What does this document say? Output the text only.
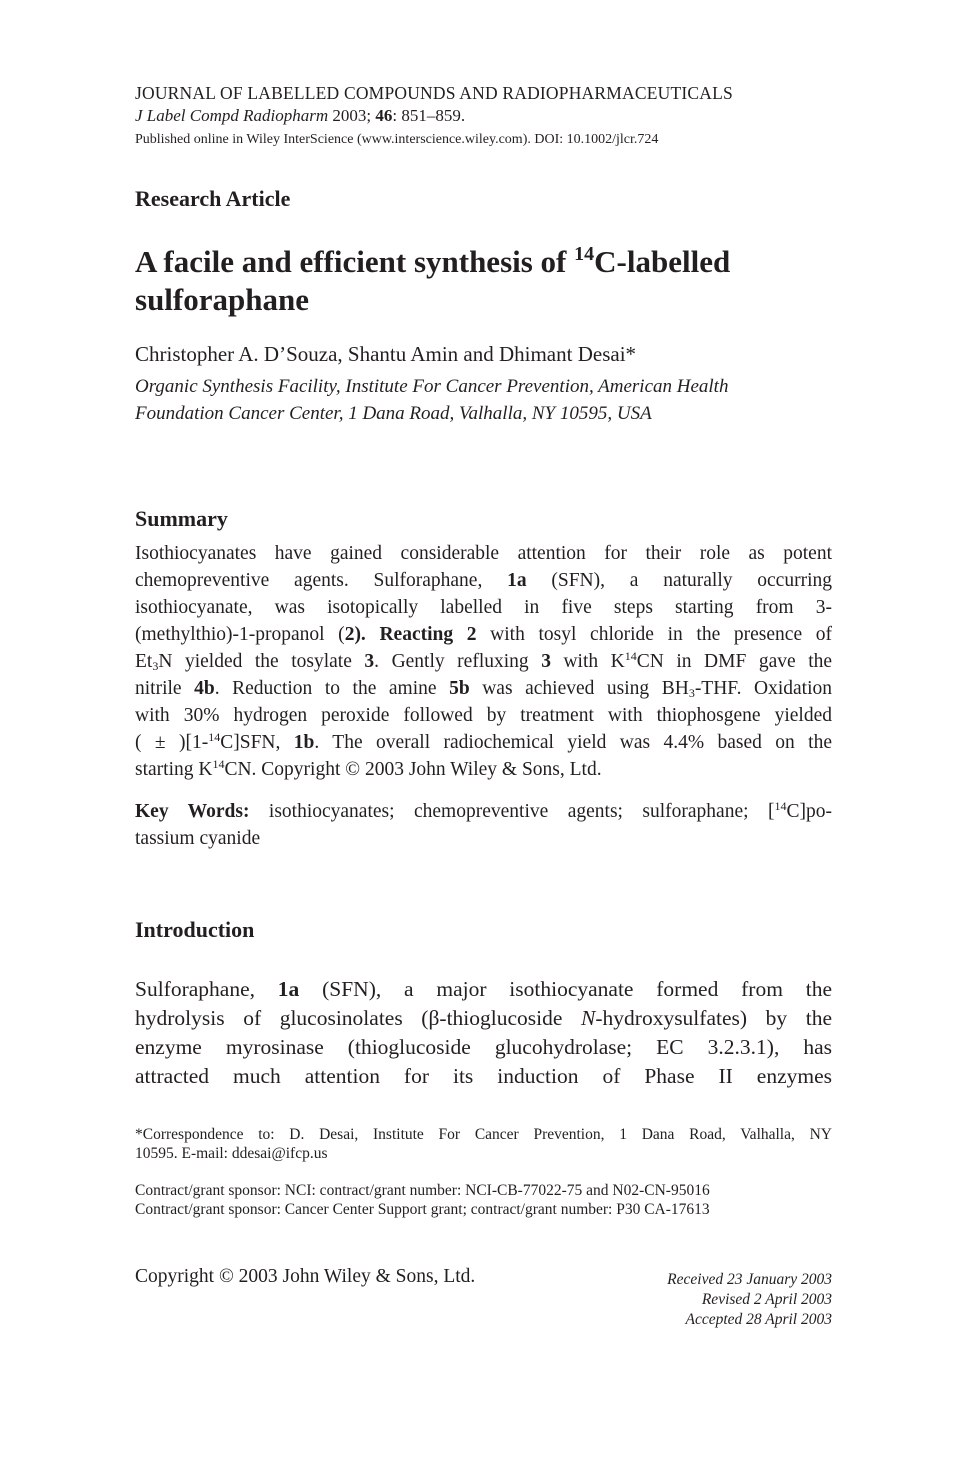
JOURNAL OF LABELLED COMPOUNDS AND RADIOPHARMACEUTICALS
J Label Compd Radiopharm 2003; 46: 851–859.
Published online in Wiley InterScience (www.interscience.wiley.com). DOI: 10.1002/jlcr.724
Research Article
A facile and efficient synthesis of $^{14}$C-labelled sulforaphane
Christopher A. D’Souza, Shantu Amin and Dhimant Desai*
Organic Synthesis Facility, Institute For Cancer Prevention, American Health
Foundation Cancer Center, 1 Dana Road, Valhalla, NY 10595, USA
Summary
Isothiocyanates have gained considerable attention for their role as potent
chemopreventive agents. Sulforaphane, 1a (SFN), a naturally occurring
isothiocyanate, was isotopically labelled in five steps starting from 3-
(methylthio)-1-propanol (2). Reacting 2 with tosyl chloride in the presence of
$Et_3N$ yielded the tosylate 3. Gently refluxing 3 with $K^{14}CN$ in DMF gave the
nitrile 4b. Reduction to the amine 5b was achieved using $BH_3$-THF. Oxidation
with 30% hydrogen peroxide followed by treatment with thiophosgene yielded
( ± )[1-$^{14}$C]SFN, 1b. The overall radiochemical yield was 4.4% based on the
starting $K^{14}CN$. Copyright © 2003 John Wiley & Sons, Ltd.
Key Words: isothiocyanates; chemopreventive agents; sulforaphane; [$^{14}$C]po-
tassium cyanide
Introduction
Sulforaphane, 1a (SFN), a major isothiocyanate formed from the
hydrolysis of glucosinolates (β-thioglucoside N-hydroxysulfates) by the
enzyme myrosinase (thioglucoside glucohydrolase; EC 3.2.3.1), has
attracted much attention for its induction of Phase II enzymes
*Correspondence to: D. Desai, Institute For Cancer Prevention, 1 Dana Road, Valhalla, NY
10595. E-mail: ddesai@ifcp.us
Contract/grant sponsor: NCI: contract/grant number: NCI-CB-77022-75 and N02-CN-95016
Contract/grant sponsor: Cancer Center Support grant; contract/grant number: P30 CA-17613
Copyright © 2003 John Wiley & Sons, Ltd.	Received 23 January 2003
Revised 2 April 2003
Accepted 28 April 2003
